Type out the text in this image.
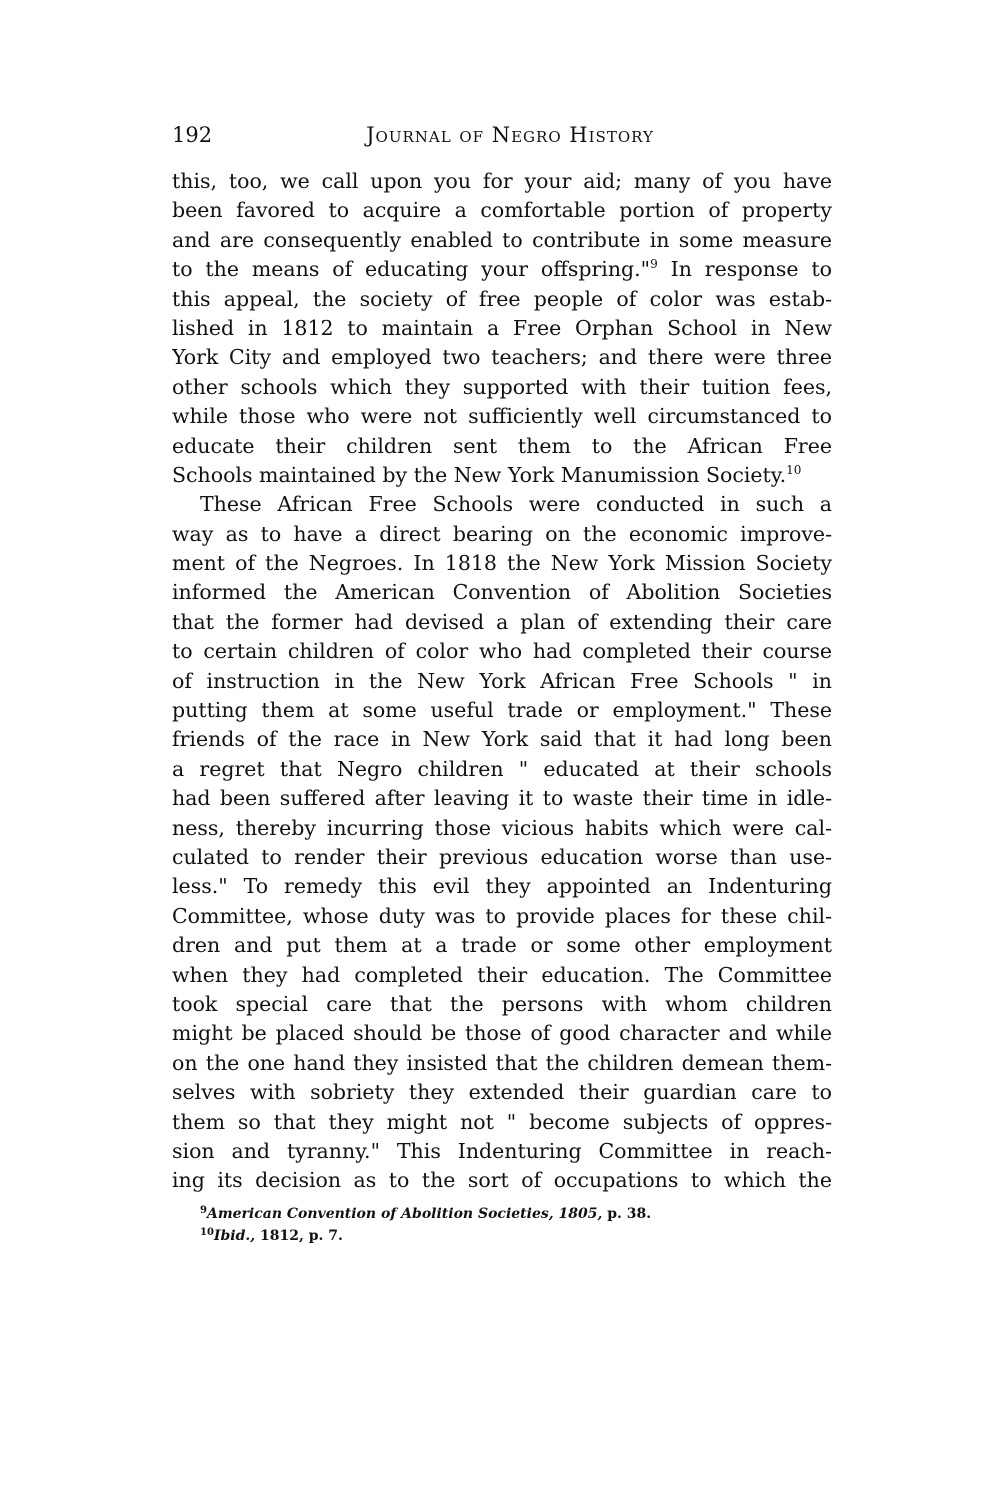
192	Journal of Negro History
this, too, we call upon you for your aid; many of you have
been favored to acquire a comfortable portion of property
and are consequently enabled to contribute in some measure
to the means of educating your offspring."$^9$ In response to
this appeal, the society of free people of color was estab-
lished in 1812 to maintain a Free Orphan School in New
York City and employed two teachers; and there were three
other schools which they supported with their tuition fees,
while those who were not sufficiently well circumstanced to
educate their children sent them to the African Free
Schools maintained by the New York Manumission Society.$^{10}$
These African Free Schools were conducted in such a
way as to have a direct bearing on the economic improve-
ment of the Negroes. In 1818 the New York Mission Society
informed the American Convention of Abolition Societies
that the former had devised a plan of extending their care
to certain children of color who had completed their course
of instruction in the New York African Free Schools " in
putting them at some useful trade or employment." These
friends of the race in New York said that it had long been
a regret that Negro children " educated at their schools
had been suffered after leaving it to waste their time in idle-
ness, thereby incurring those vicious habits which were cal-
culated to render their previous education worse than use-
less." To remedy this evil they appointed an Indenturing
Committee, whose duty was to provide places for these chil-
dren and put them at a trade or some other employment
when they had completed their education. The Committee
took special care that the persons with whom children
might be placed should be those of good character and while
on the one hand they insisted that the children demean them-
selves with sobriety they extended their guardian care to
them so that they might not " become subjects of oppres-
sion and tyranny." This Indenturing Committee in reach-
ing its decision as to the sort of occupations to which the
$^9$American Convention of Abolition Societies, 1805, p. 38.
$^{10}$Ibid., 1812, p. 7.
